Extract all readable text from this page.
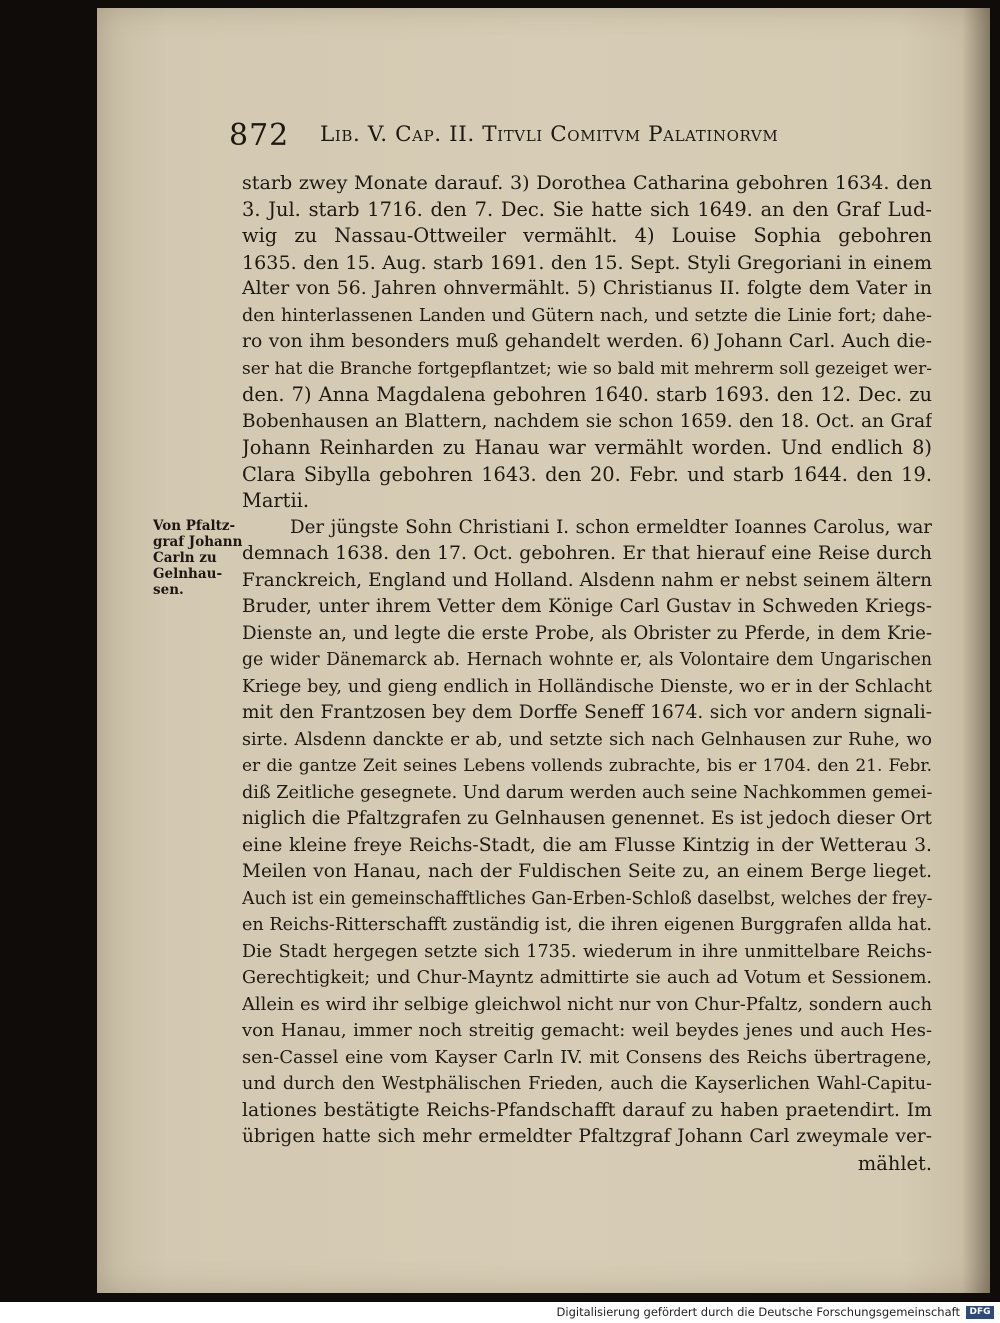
872 Lib. V. Cap. II. Titvli Comitvm Palatinorvm
Von Pfaltz-
graf Johann
Carln zu
Gelnhau-
sen.
starb zwey Monate darauf. 3) Dorothea Catharina gebohren 1634. den
3. Jul. starb 1716. den 7. Dec. Sie hatte sich 1649. an den Graf Lud-
wig zu Nassau-Ottweiler vermählt. 4) Louise Sophia gebohren
1635. den 15. Aug. starb 1691. den 15. Sept. Styli Gregoriani in einem
Alter von 56. Jahren ohnvermählt. 5) Christianus II. folgte dem Vater in
den hinterlassenen Landen und Gütern nach, und setzte die Linie fort; dahe-
ro von ihm besonders muß gehandelt werden. 6) Johann Carl. Auch die-
ser hat die Branche fortgepflantzet; wie so bald mit mehrerm soll gezeiget wer-
den. 7) Anna Magdalena gebohren 1640. starb 1693. den 12. Dec. zu
Bobenhausen an Blattern, nachdem sie schon 1659. den 18. Oct. an Graf
Johann Reinharden zu Hanau war vermählt worden. Und endlich 8)
Clara Sibylla gebohren 1643. den 20. Febr. und starb 1644. den 19.
Martii.
Der jüngste Sohn Christiani I. schon ermeldter Ioannes Carolus, war
demnach 1638. den 17. Oct. gebohren. Er that hierauf eine Reise durch
Franckreich, England und Holland. Alsdenn nahm er nebst seinem ältern
Bruder, unter ihrem Vetter dem Könige Carl Gustav in Schweden Kriegs-
Dienste an, und legte die erste Probe, als Obrister zu Pferde, in dem Krie-
ge wider Dänemarck ab. Hernach wohnte er, als Volontaire dem Ungarischen
Kriege bey, und gieng endlich in Holländische Dienste, wo er in der Schlacht
mit den Frantzosen bey dem Dorffe Seneff 1674. sich vor andern signali-
sirte. Alsdenn danckte er ab, und setzte sich nach Gelnhausen zur Ruhe, wo
er die gantze Zeit seines Lebens vollends zubrachte, bis er 1704. den 21. Febr.
diß Zeitliche gesegnete. Und darum werden auch seine Nachkommen gemei-
niglich die Pfaltzgrafen zu Gelnhausen genennet. Es ist jedoch dieser Ort
eine kleine freye Reichs-Stadt, die am Flusse Kintzig in der Wetterau 3.
Meilen von Hanau, nach der Fuldischen Seite zu, an einem Berge lieget.
Auch ist ein gemeinschafftliches Gan-Erben-Schloß daselbst, welches der frey-
en Reichs-Ritterschafft zuständig ist, die ihren eigenen Burggrafen allda hat.
Die Stadt hergegen setzte sich 1735. wiederum in ihre unmittelbare Reichs-
Gerechtigkeit; und Chur-Mayntz admittirte sie auch ad Votum et Sessionem.
Allein es wird ihr selbige gleichwol nicht nur von Chur-Pfaltz, sondern auch
von Hanau, immer noch streitig gemacht: weil beydes jenes und auch Hes-
sen-Cassel eine vom Kayser Carln IV. mit Consens des Reichs übertragene,
und durch den Westphälischen Frieden, auch die Kayserlichen Wahl-Capitu-
lationes bestätigte Reichs-Pfandschafft darauf zu haben praetendirt. Im
übrigen hatte sich mehr ermeldter Pfaltzgraf Johann Carl zweymale ver-
mählet.
Digitalisierung gefördert durch die Deutsche Forschungsgemeinschaft	DFG
